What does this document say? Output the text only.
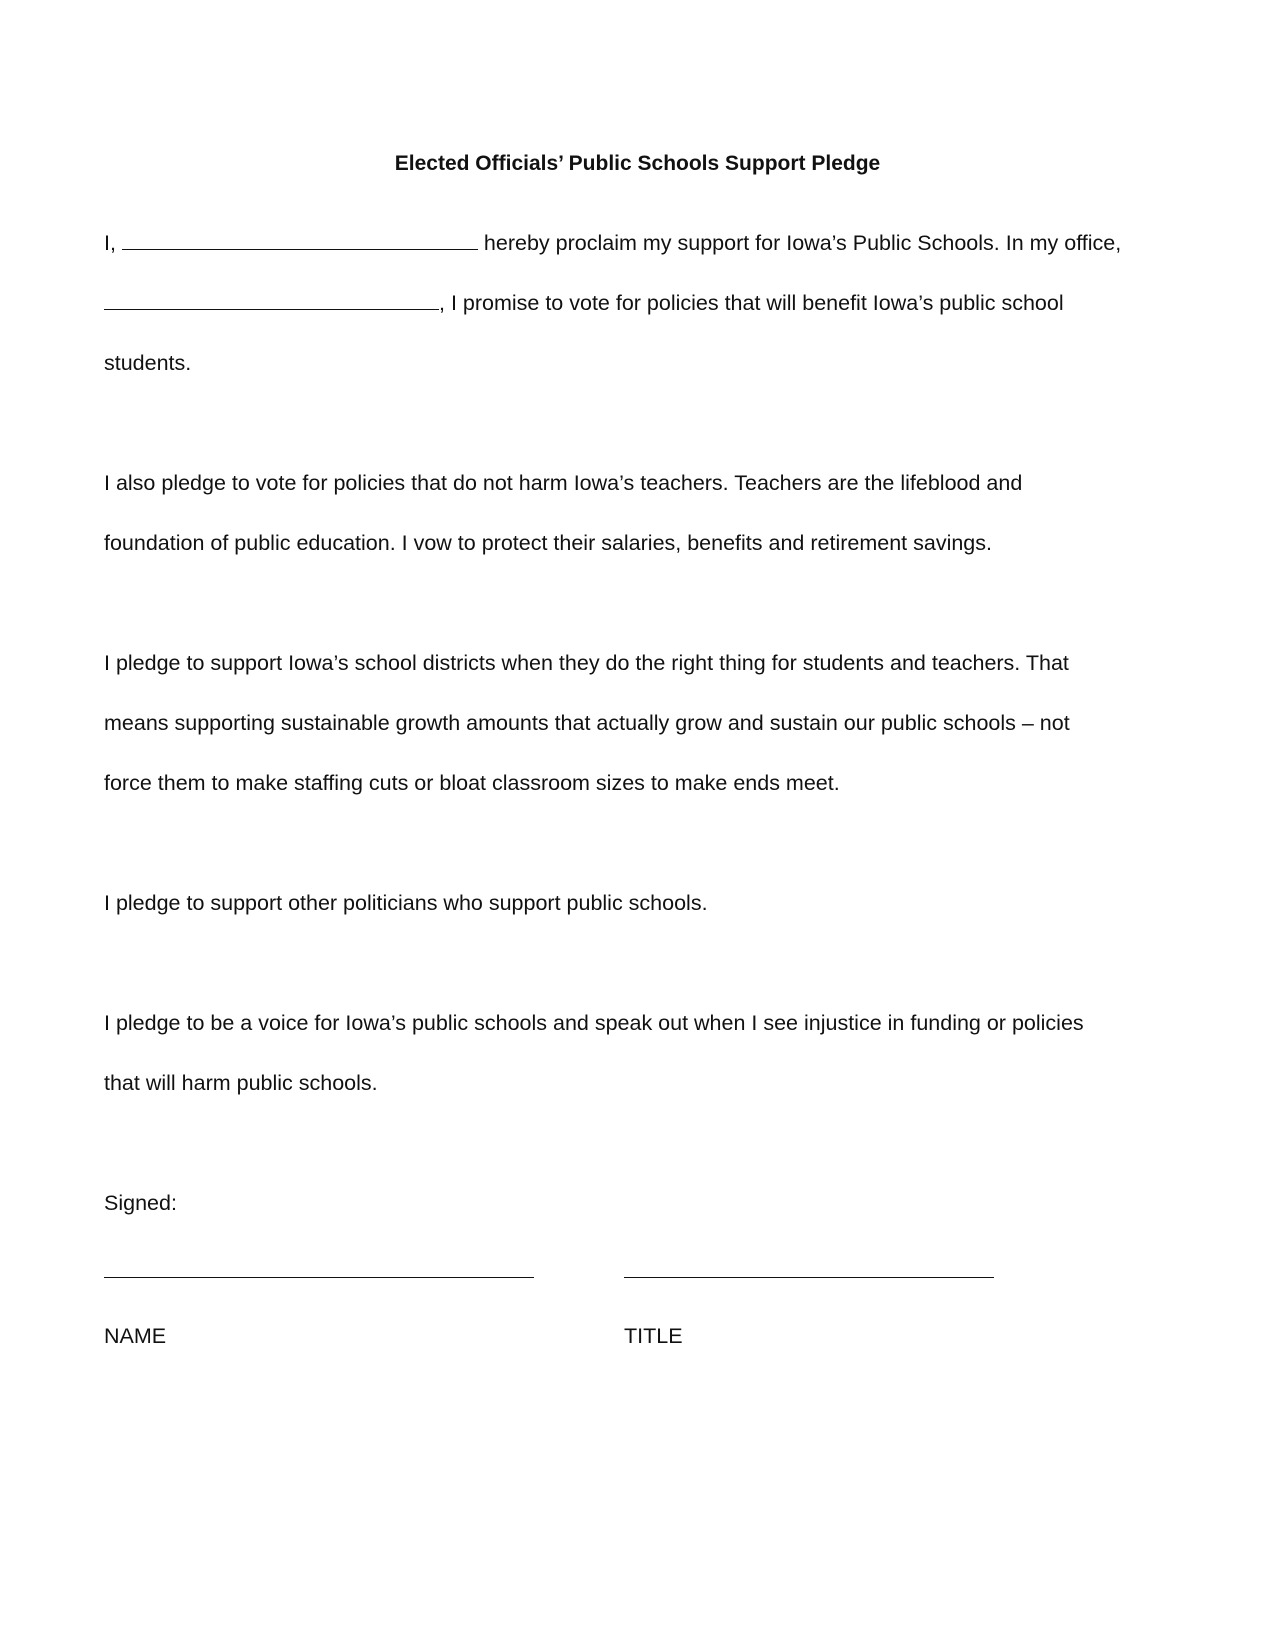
Elected Officials’ Public Schools Support Pledge
I,	hereby proclaim my support for Iowa’s Public Schools. In my office,
, I promise to vote for policies that will benefit Iowa’s public school
students.
I also pledge to vote for policies that do not harm Iowa’s teachers. Teachers are the lifeblood and
foundation of public education. I vow to protect their salaries, benefits and retirement savings.
I pledge to support Iowa’s school districts when they do the right thing for students and teachers. That
means supporting sustainable growth amounts that actually grow and sustain our public schools – not
force them to make staffing cuts or bloat classroom sizes to make ends meet.
I pledge to support other politicians who support public schools.
I pledge to be a voice for Iowa’s public schools and speak out when I see injustice in funding or policies
that will harm public schools.
Signed:
NAME	TITLE
